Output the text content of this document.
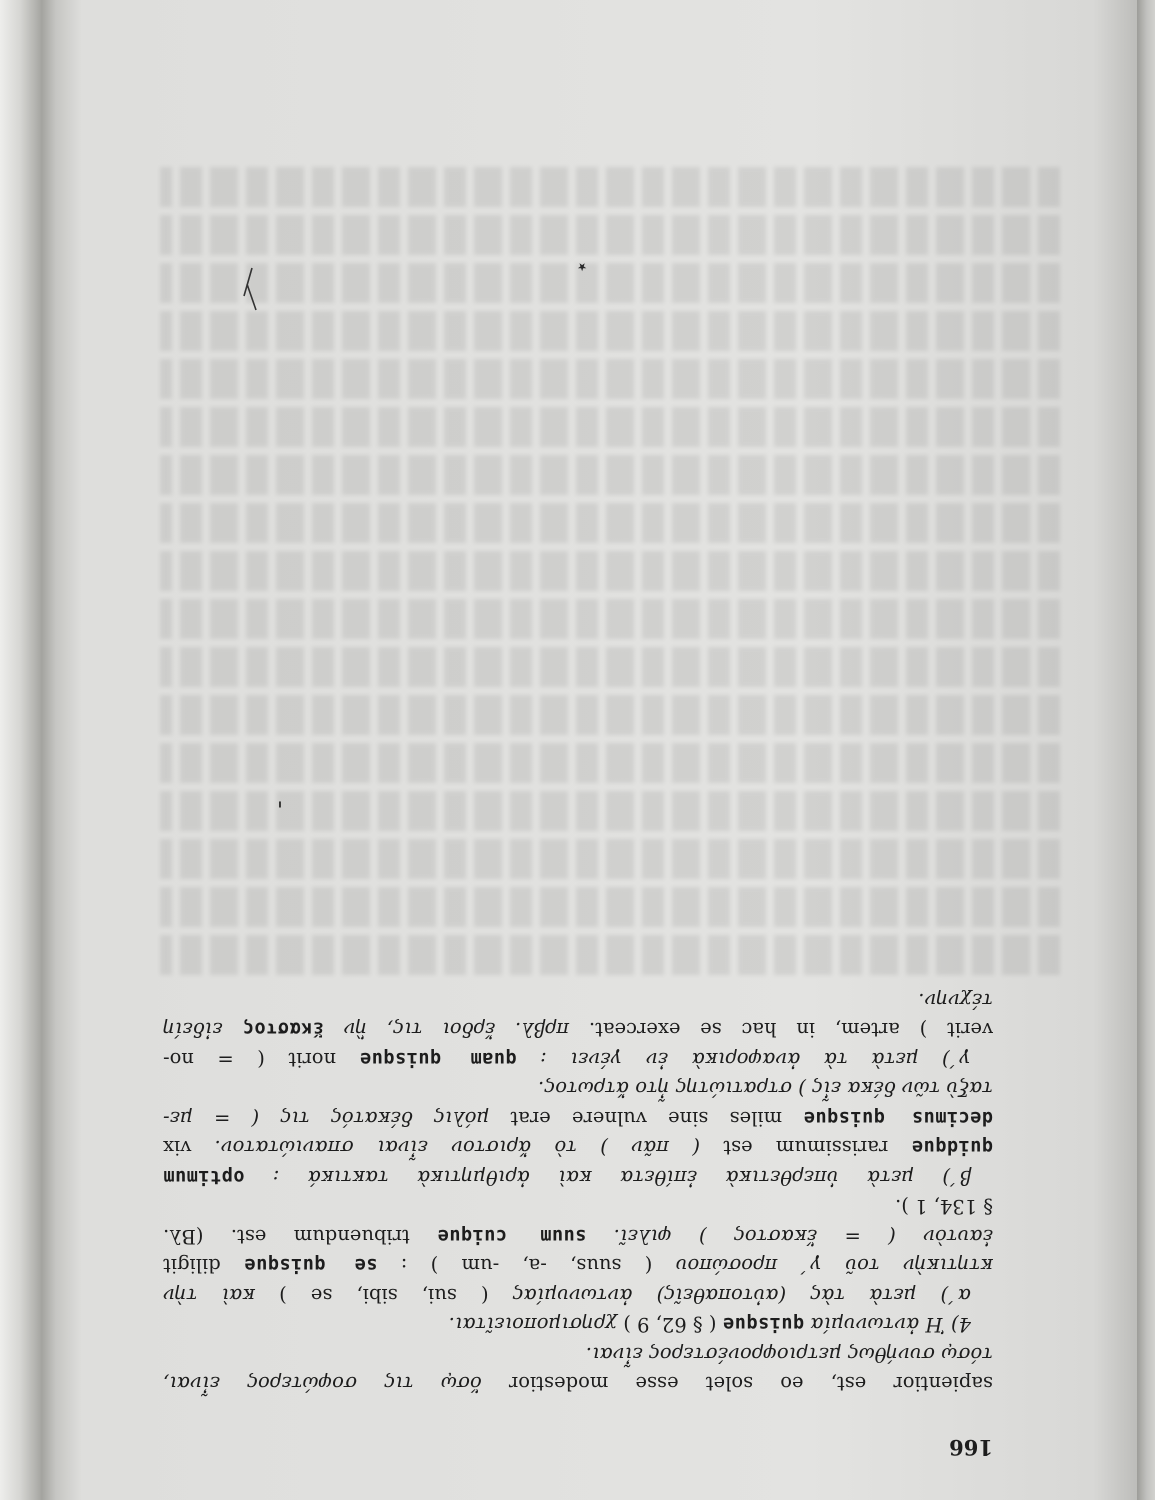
166
sapientior est, eo solet esse modestior ὅσῳ τις σοφώτερος εἶναι,
τόσῳ συνήθως μετριοφρονέστερος εἶναι.
4) Ἡ ἀντωνυμία quisque ( § 62, 9 ) χρησιμοποιεῖται.
α΄) μετὰ τὰς (αὐτοπαθεῖς) ἀντωνυμίας ( sui, sibi, se ) καὶ τὴν
κτητικὴν τοῦ γ΄ προσώπου ( suus, -a, -um ) : se quisque diligit
ἑαυτὸν ( = ἕκαστος ) φιλεῖ. suum cuique tribuendum est. (Βλ.
§ 134, 1 ).
β΄) μετὰ ὑπερθετικὰ ἐπίθετα καὶ ἀριθμητικὰ τακτικά : optimum
quidque rarissimum est ( πᾶν ) τὸ ἄριστον εἶναι σπανιώτατον. vix
decimus quisque miles sine vulnere erat μόλις δέκατός τις ( = με-
ταξὺ τῶν δέκα εἷς ) στρατιώτης ἦτο ἄτρωτος.
γ΄) μετὰ τὰ ἀναφορικὰ ἐν γένει : quam quisque norit ( = no-
verit ) artem, in hac se exerceat. πρβλ. ἔρδοι τις, ἣν ἕκαστος εἰδείη
τέχνην.
⋆
'
